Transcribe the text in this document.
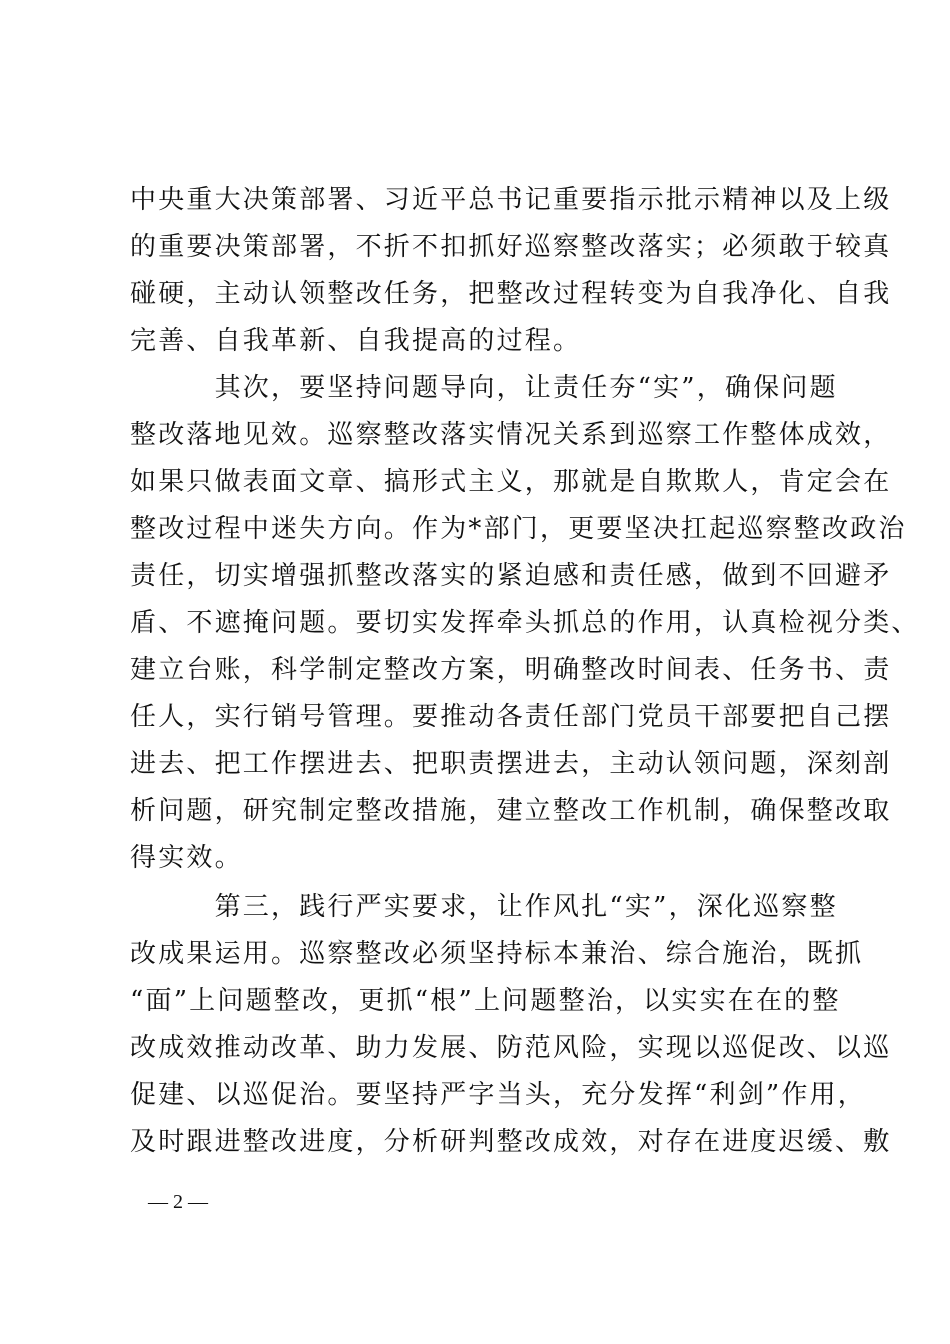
中央重大决策部署、习近平总书记重要指示批示精神以及上级
的重要决策部署，不折不扣抓好巡察整改落实；必须敢于较真
碰硬，主动认领整改任务，把整改过程转变为自我净化、自我
完善、自我革新、自我提高的过程。
　　　其次，要坚持问题导向，让责任夯“实”，确保问题
整改落地见效。巡察整改落实情况关系到巡察工作整体成效，
如果只做表面文章、搞形式主义，那就是自欺欺人，肯定会在
整改过程中迷失方向。作为*部门，更要坚决扛起巡察整改政治
责任，切实增强抓整改落实的紧迫感和责任感，做到不回避矛
盾、不遮掩问题。要切实发挥牵头抓总的作用，认真检视分类、
建立台账，科学制定整改方案，明确整改时间表、任务书、责
任人，实行销号管理。要推动各责任部门党员干部要把自己摆
进去、把工作摆进去、把职责摆进去，主动认领问题，深刻剖
析问题，研究制定整改措施，建立整改工作机制，确保整改取
得实效。
　　　第三，践行严实要求，让作风扎“实”，深化巡察整
改成果运用。巡察整改必须坚持标本兼治、综合施治，既抓
“面”上问题整改，更抓“根”上问题整治，以实实在在的整
改成效推动改革、助力发展、防范风险，实现以巡促改、以巡
促建、以巡促治。要坚持严字当头，充分发挥“利剑”作用，
及时跟进整改进度，分析研判整改成效，对存在进度迟缓、敷
— 2 —
